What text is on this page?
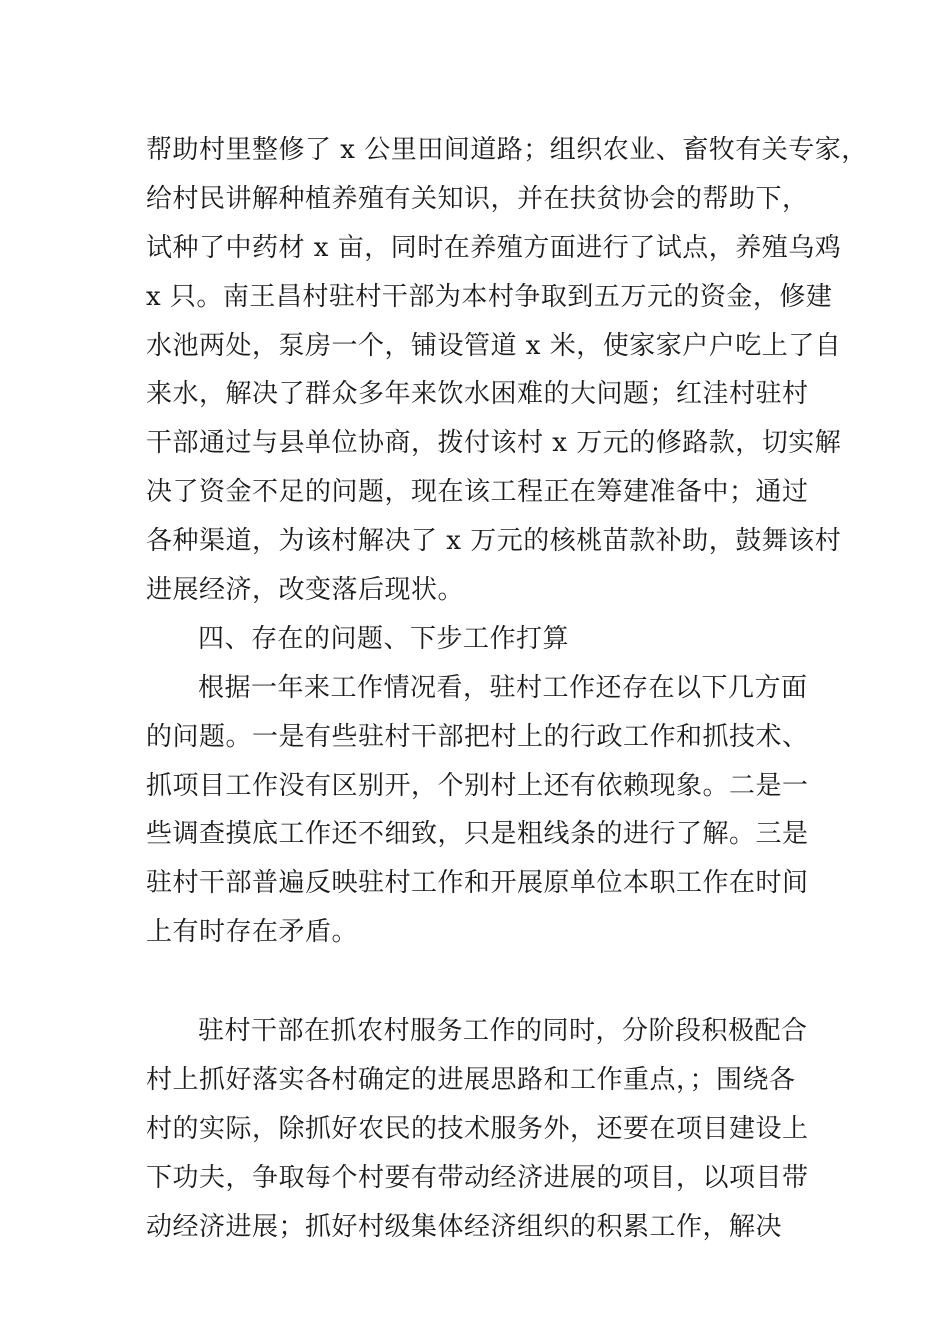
帮助村里整修了 x 公里田间道路；组织农业、畜牧有关专家，
给村民讲解种植养殖有关知识，并在扶贫协会的帮助下，
试种了中药材 x 亩，同时在养殖方面进行了试点，养殖乌鸡
x 只。南王昌村驻村干部为本村争取到五万元的资金，修建
水池两处，泵房一个，铺设管道 x 米，使家家户户吃上了自
来水，解决了群众多年来饮水困难的大问题；红洼村驻村
干部通过与县单位协商，拨付该村 x 万元的修路款，切实解
决了资金不足的问题，现在该工程正在筹建准备中；通过
各种渠道，为该村解决了 x 万元的核桃苗款补助，鼓舞该村
进展经济，改变落后现状。
四、存在的问题、下步工作打算
根据一年来工作情况看，驻村工作还存在以下几方面
的问题。一是有些驻村干部把村上的行政工作和抓技术、
抓项目工作没有区别开，个别村上还有依赖现象。二是一
些调查摸底工作还不细致，只是粗线条的进行了解。三是
驻村干部普遍反映驻村工作和开展原单位本职工作在时间
上有时存在矛盾。
驻村干部在抓农村服务工作的同时，分阶段积极配合
村上抓好落实各村确定的进展思路和工作重点，；围绕各
村的实际，除抓好农民的技术服务外，还要在项目建设上
下功夫，争取每个村要有带动经济进展的项目，以项目带
动经济进展；抓好村级集体经济组织的积累工作，解决
